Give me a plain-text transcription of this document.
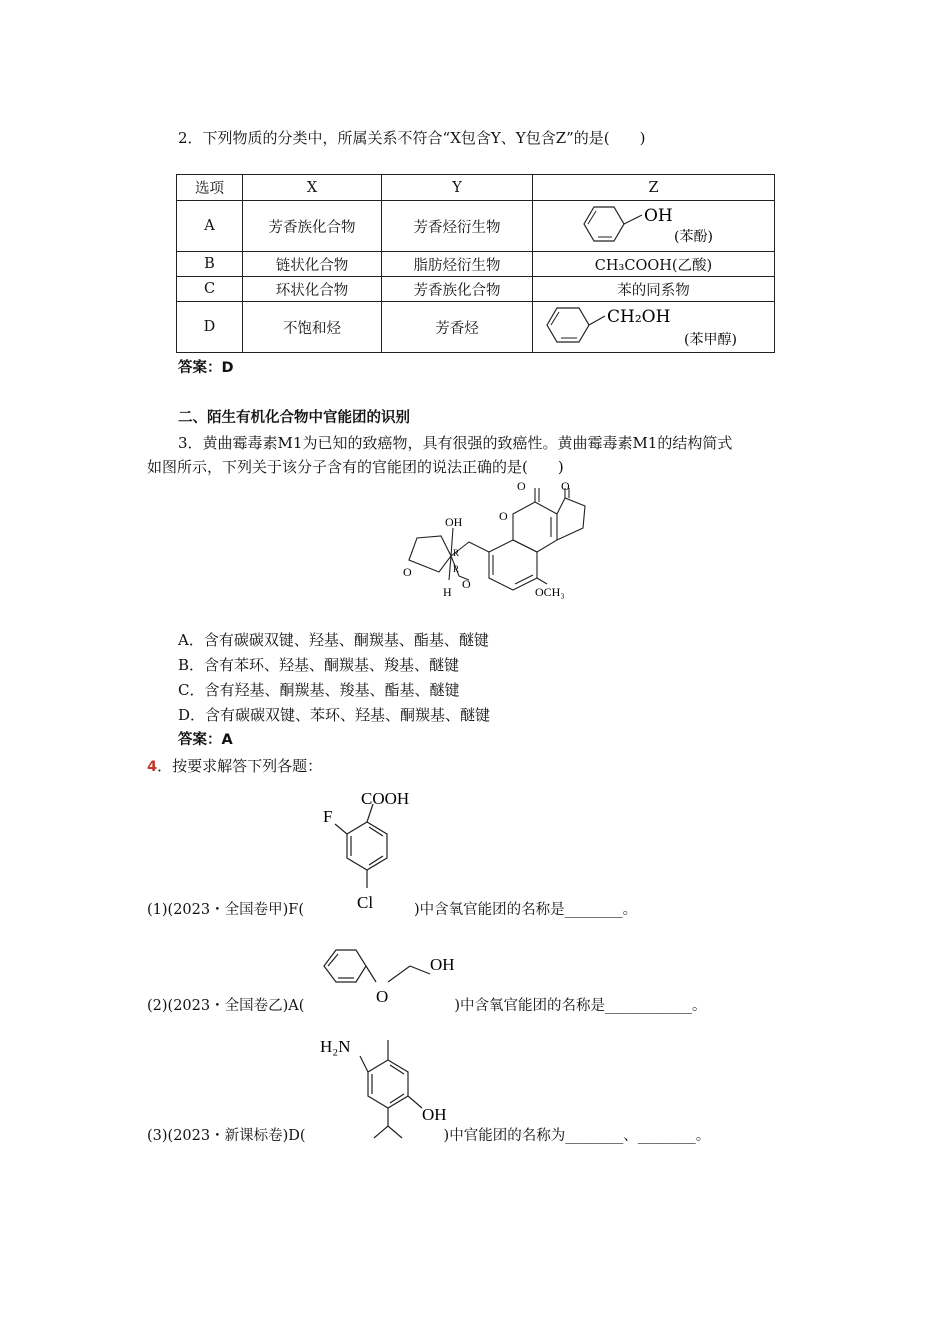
2．下列物质的分类中，所属关系不符合“X包含Y、Y包含Z”的是(　　)
选项	X	Y	Z
A	芳香族化合物	芳香烃衍生物	OH
(苯酚)

B	链状化合物	脂肪烃衍生物	CH₃COOH(乙酸)
C	环状化合物	芳香族化合物	苯的同系物
D	不饱和烃	芳香烃	CH₂OH
(苯甲醇)
答案：D
二、陌生有机化合物中官能团的识别
3．黄曲霉毒素M1为已知的致癌物，具有很强的致癌性。黄曲霉毒素M1的结构简式
如图所示，下列关于该分子含有的官能团的说法正确的是(　　)
OH
R
R
O
O
H
O
O	O
OCH₃
A．含有碳碳双键、羟基、酮羰基、酯基、醚键
B．含有苯环、羟基、酮羰基、羧基、醚键
C．含有羟基、酮羰基、羧基、酯基、醚键
D．含有碳碳双键、苯环、羟基、酮羰基、醚键
答案：A
4．按要求解答下列各题：
COOH
F
Cl
(1)(2023・全国卷甲)F(	)中含氧官能团的名称是________。
O
OH
(2)(2023・全国卷乙)A(	)中含氧官能团的名称是____________。
H₂N
OH
(3)(2023・新课标卷)D(	)中官能团的名称为________、________。
